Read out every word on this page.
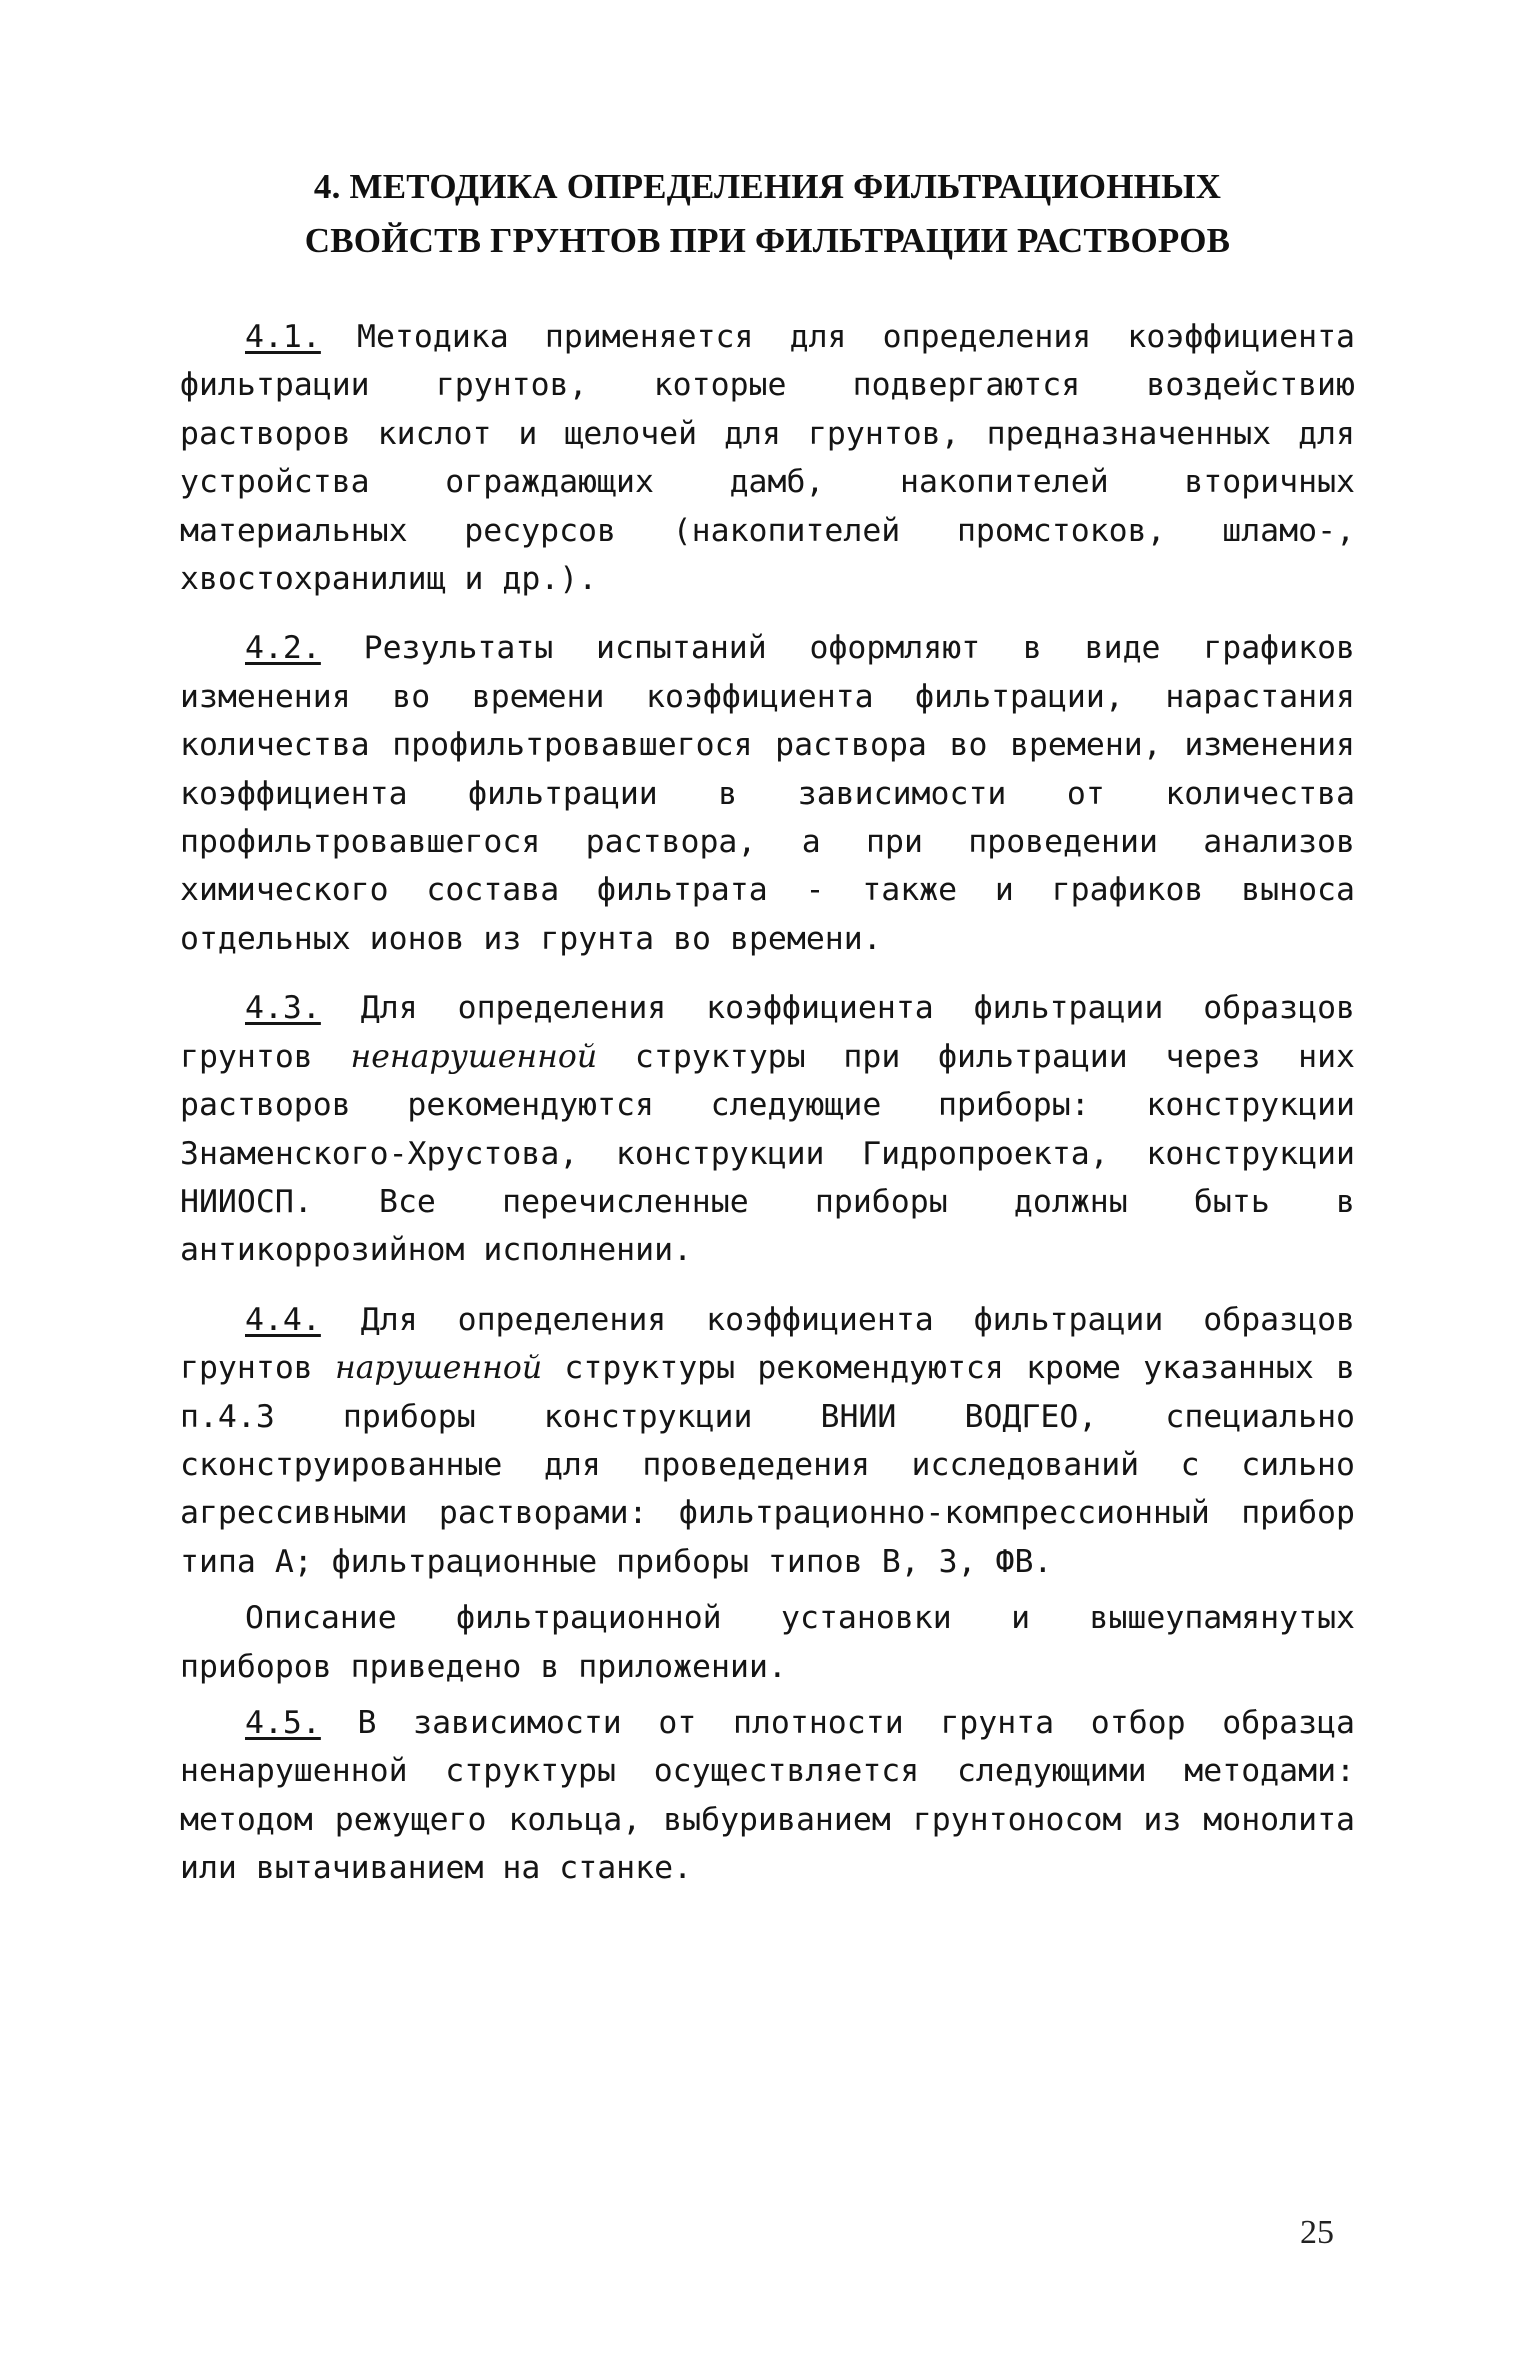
4. МЕТОДИКА ОПРЕДЕЛЕНИЯ ФИЛЬТРАЦИОННЫХ
СВОЙСТВ ГРУНТОВ ПРИ ФИЛЬТРАЦИИ РАСТВОРОВ
4.1. Методика применяется для определения коэффициента фильтрации грунтов, которые подвергаются воздействию растворов кислот и щелочей для грунтов, предназначенных для устройства ограждающих дамб, накопителей вторичных материальных ресурсов (накопителей промстоков, шламо-, хвостохранилищ и др.).
4.2. Результаты испытаний оформляют в виде графиков изменения во времени коэффициента фильтрации, нарастания количества профильтровавшегося раствора во времени, изменения коэффициента фильтрации в зависимости от количества профильтровавшегося раствора, а при проведении анализов химического состава фильтрата - также и графиков выноса отдельных ионов из грунта во времени.
4.3. Для определения коэффициента фильтрации образцов грунтов ненарушенной структуры при фильтрации через них растворов рекомендуются следующие приборы: конструкции Знаменского-Хрустова, конструкции Гидропроекта, конструкции НИИОСП. Все перечисленные приборы должны быть в антикоррозийном исполнении.
4.4. Для определения коэффициента фильтрации образцов грунтов нарушенной структуры рекомендуются кроме указанных в п.4.3 приборы конструкции ВНИИ ВОДГЕО, специально сконструированные для проведедения исследований с сильно агрессивными растворами: фильтрационно-компрессионный прибор типа А; фильтрационные приборы типов В, З, ФВ.
Описание фильтрационной установки и вышеупамянутых приборов приведено в приложении.
4.5. В зависимости от плотности грунта отбор образца ненарушенной структуры осуществляется следующими методами: методом режущего кольца, выбуриванием грунтоносом из монолита или вытачиванием на станке.
25
